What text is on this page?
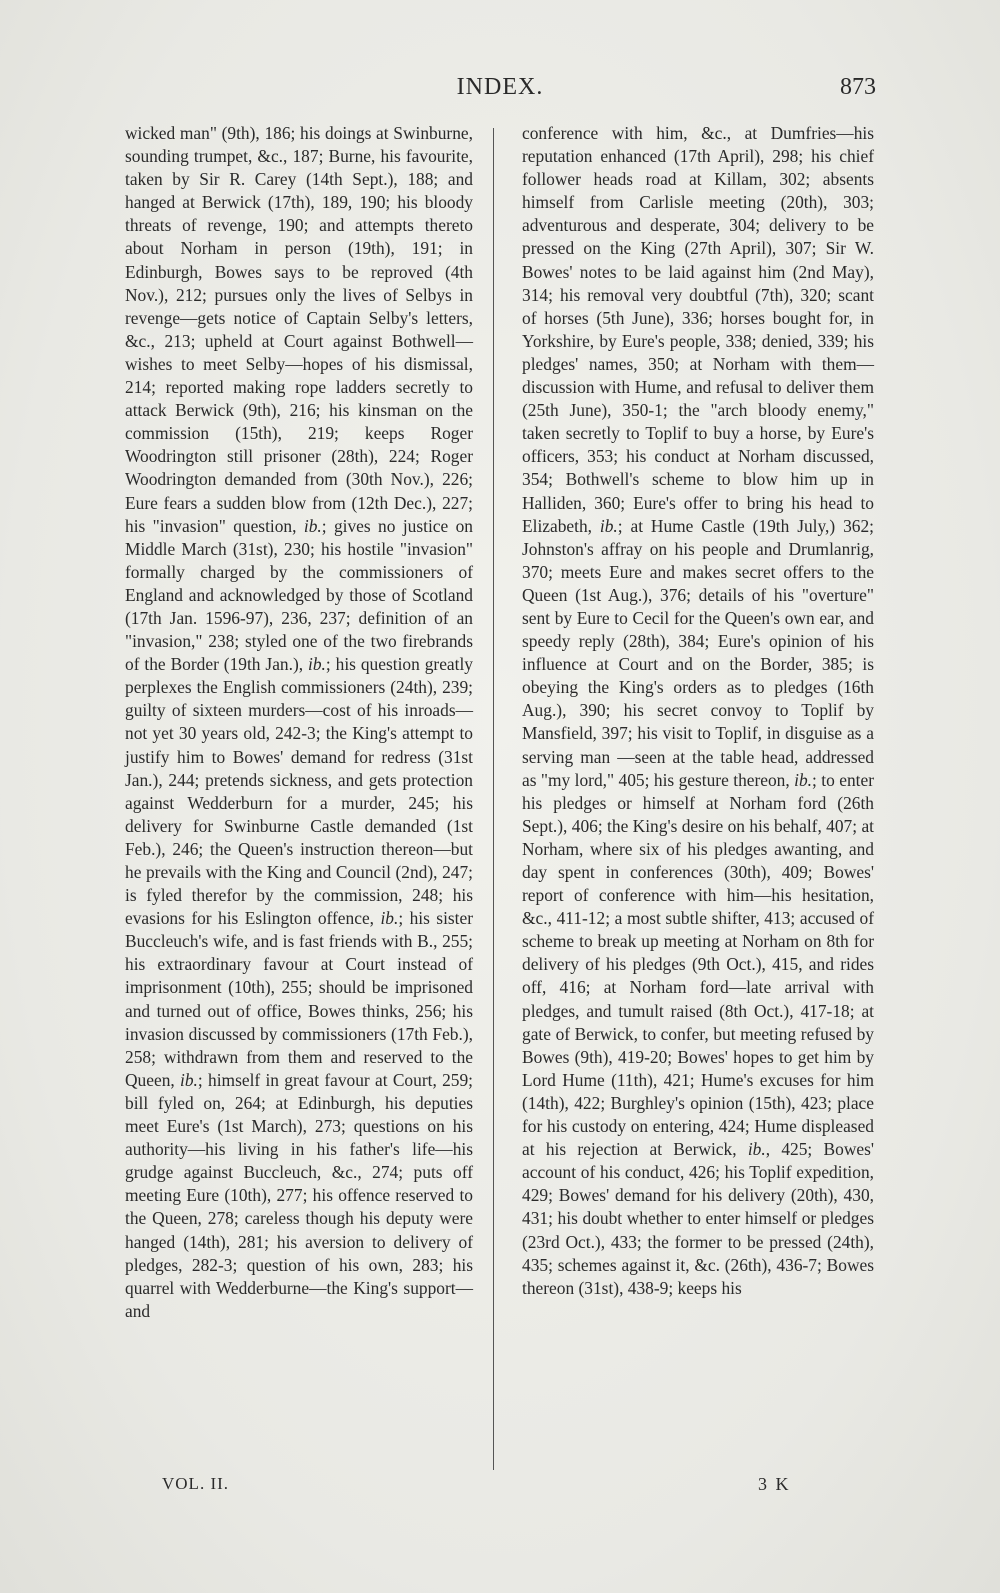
INDEX.	873
wicked man" (9th), 186; his doings at Swinburne, sounding trumpet, &c., 187; Burne, his favourite, taken by Sir R. Carey (14th Sept.), 188; and hanged at Berwick (17th), 189, 190; his bloody threats of revenge, 190; and attempts thereto about Norham in person (19th), 191; in Edinburgh, Bowes says to be reproved (4th Nov.), 212; pursues only the lives of Selbys in revenge—gets notice of Captain Selby's letters, &c., 213; upheld at Court against Bothwell—wishes to meet Selby—hopes of his dismissal, 214; reported making rope ladders secretly to attack Berwick (9th), 216; his kinsman on the commission (15th), 219; keeps Roger Woodrington still prisoner (28th), 224; Roger Woodrington demanded from (30th Nov.), 226; Eure fears a sudden blow from (12th Dec.), 227; his "invasion" question, ib.; gives no justice on Middle March (31st), 230; his hostile "invasion" formally charged by the commissioners of England and acknowledged by those of Scotland (17th Jan. 1596-97), 236, 237; definition of an "invasion," 238; styled one of the two firebrands of the Border (19th Jan.), ib.; his question greatly perplexes the English commissioners (24th), 239; guilty of sixteen murders—cost of his inroads—not yet 30 years old, 242-3; the King's attempt to justify him to Bowes' demand for redress (31st Jan.), 244; pretends sickness, and gets protection against Wedderburn for a murder, 245; his delivery for Swinburne Castle demanded (1st Feb.), 246; the Queen's instruction thereon—but he prevails with the King and Council (2nd), 247; is fyled therefor by the commission, 248; his evasions for his Eslington offence, ib.; his sister Buccleuch's wife, and is fast friends with B., 255; his extraordinary favour at Court instead of imprisonment (10th), 255; should be imprisoned and turned out of office, Bowes thinks, 256; his invasion discussed by commissioners (17th Feb.), 258; withdrawn from them and reserved to the Queen, ib.; himself in great favour at Court, 259; bill fyled on, 264; at Edinburgh, his deputies meet Eure's (1st March), 273; questions on his authority—his living in his father's life—his grudge against Buccleuch, &c., 274; puts off meeting Eure (10th), 277; his offence reserved to the Queen, 278; careless though his deputy were hanged (14th), 281; his aversion to delivery of pledges, 282-3; question of his own, 283; his quarrel with Wedderburne—the King's support—and
conference with him, &c., at Dumfries—his reputation enhanced (17th April), 298; his chief follower heads road at Killam, 302; absents himself from Carlisle meeting (20th), 303; adventurous and desperate, 304; delivery to be pressed on the King (27th April), 307; Sir W. Bowes' notes to be laid against him (2nd May), 314; his removal very doubtful (7th), 320; scant of horses (5th June), 336; horses bought for, in Yorkshire, by Eure's people, 338; denied, 339; his pledges' names, 350; at Norham with them—discussion with Hume, and refusal to deliver them (25th June), 350-1; the "arch bloody enemy," taken secretly to Toplif to buy a horse, by Eure's officers, 353; his conduct at Norham discussed, 354; Bothwell's scheme to blow him up in Halliden, 360; Eure's offer to bring his head to Elizabeth, ib.; at Hume Castle (19th July,) 362; Johnston's affray on his people and Drumlanrig, 370; meets Eure and makes secret offers to the Queen (1st Aug.), 376; details of his "overture" sent by Eure to Cecil for the Queen's own ear, and speedy reply (28th), 384; Eure's opinion of his influence at Court and on the Border, 385; is obeying the King's orders as to pledges (16th Aug.), 390; his secret convoy to Toplif by Mansfield, 397; his visit to Toplif, in disguise as a serving man —seen at the table head, addressed as "my lord," 405; his gesture thereon, ib.; to enter his pledges or himself at Norham ford (26th Sept.), 406; the King's desire on his behalf, 407; at Norham, where six of his pledges awanting, and day spent in conferences (30th), 409; Bowes' report of conference with him—his hesitation, &c., 411-12; a most subtle shifter, 413; accused of scheme to break up meeting at Norham on 8th for delivery of his pledges (9th Oct.), 415, and rides off, 416; at Norham ford—late arrival with pledges, and tumult raised (8th Oct.), 417-18; at gate of Berwick, to confer, but meeting refused by Bowes (9th), 419-20; Bowes' hopes to get him by Lord Hume (11th), 421; Hume's excuses for him (14th), 422; Burghley's opinion (15th), 423; place for his custody on entering, 424; Hume displeased at his rejection at Berwick, ib., 425; Bowes' account of his conduct, 426; his Toplif expedition, 429; Bowes' demand for his delivery (20th), 430, 431; his doubt whether to enter himself or pledges (23rd Oct.), 433; the former to be pressed (24th), 435; schemes against it, &c. (26th), 436-7; Bowes thereon (31st), 438-9; keeps his
VOL. II.	3 K
